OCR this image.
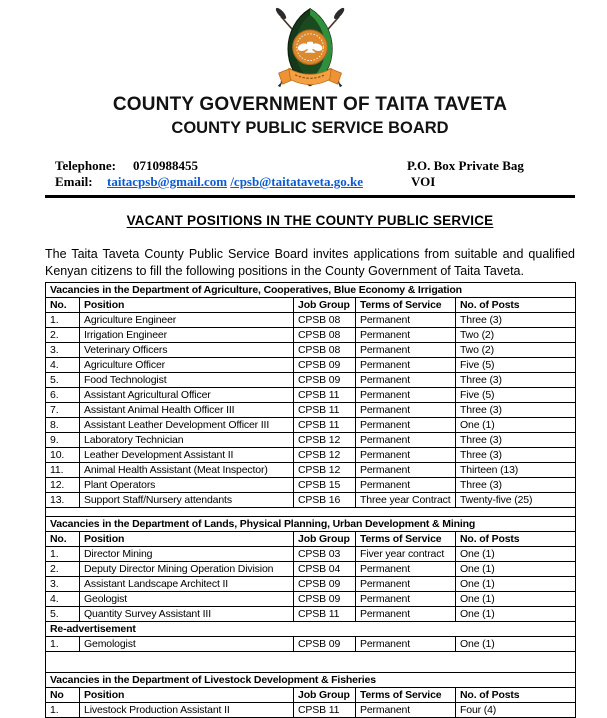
COUNTY GOVERNMENT OF TAITA TAVETA
COUNTY PUBLIC SERVICE BOARD
Telephone: 0710988455
Email: taitacpsb@gmail.com /cpsb@taitataveta.go.ke
P.O. Box Private Bag
VOI
VACANT POSITIONS IN THE COUNTY PUBLIC SERVICE

The Taita Taveta County Public Service Board invites applications from suitable and qualified Kenyan citizens to fill the following positions in the County Government of Taita Taveta.

Vacancies in the Department of Agriculture, Cooperatives, Blue Economy & Irrigation				
No.	Position	Job Group	Terms of Service	No. of Posts
1.	Agriculture Engineer	CPSB 08	Permanent	Three (3)
2.	Irrigation Engineer	CPSB 08	Permanent	Two (2)
3.	Veterinary Officers	CPSB 08	Permanent	Two (2)
4.	Agriculture Officer	CPSB 09	Permanent	Five (5)
5.	Food Technologist	CPSB 09	Permanent	Three (3)
6.	Assistant Agricultural Officer	CPSB 11	Permanent	Five (5)
7.	Assistant Animal Health Officer III	CPSB 11	Permanent	Three (3)
8.	Assistant Leather Development Officer III	CPSB 11	Permanent	One (1)
9.	Laboratory Technician	CPSB 12	Permanent	Three (3)
10.	Leather Development Assistant II	CPSB 12	Permanent	Three (3)
11.	Animal Health Assistant (Meat Inspector)	CPSB 12	Permanent	Thirteen (13)
12.	Plant Operators	CPSB 15	Permanent	Three (3)
13.	Support Staff/Nursery attendants	CPSB 16	Three year Contract	Twenty-five (25)

Vacancies in the Department of Lands, Physical Planning, Urban Development & Mining				
No.	Position	Job Group	Terms of Service	No. of Posts
1.	Director Mining	CPSB 03	Fiver year contract	One (1)
2.	Deputy Director Mining Operation Division	CPSB 04	Permanent	One (1)
3.	Assistant Landscape Architect II	CPSB 09	Permanent	One (1)
4.	Geologist	CPSB 09	Permanent	One (1)
5.	Quantity Survey Assistant III	CPSB 11	Permanent	One (1)
Re-advertisement				
1.	Gemologist	CPSB 09	Permanent	One (1)

Vacancies in the Department of Livestock Development & Fisheries				
No	Position	Job Group	Terms of Service	No. of Posts
1.	Livestock Production Assistant II	CPSB 11	Permanent	Four (4)
